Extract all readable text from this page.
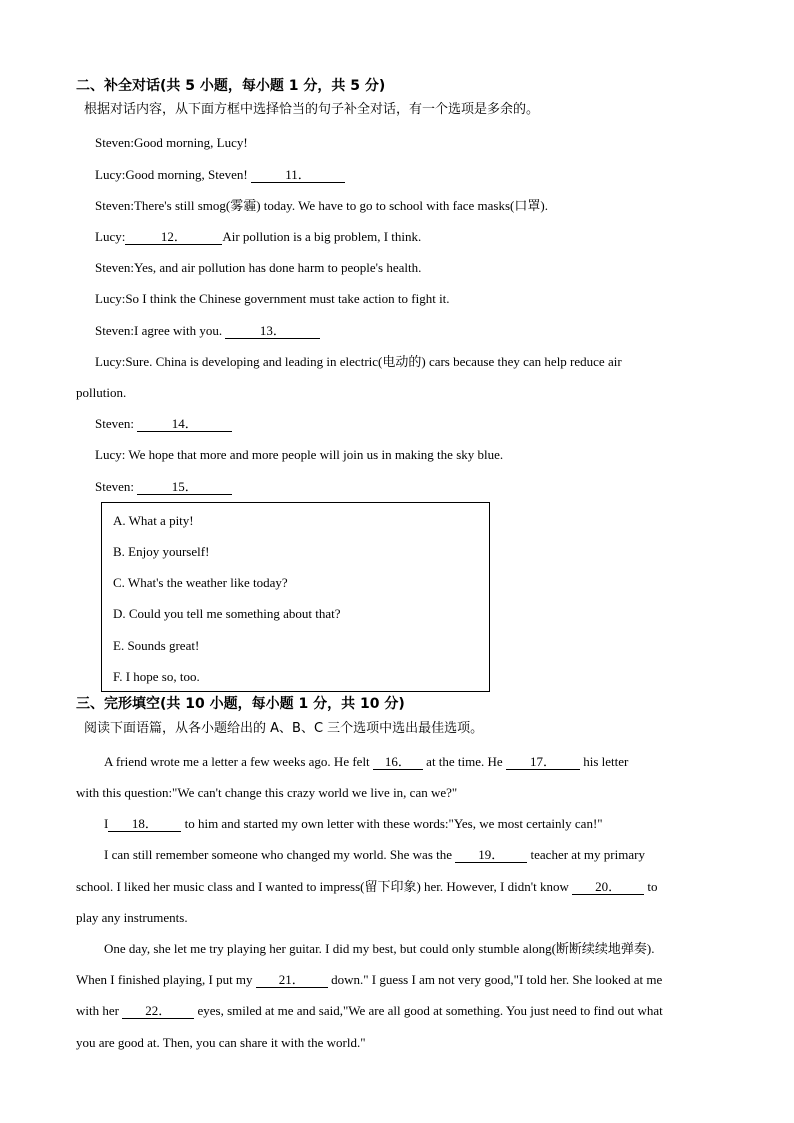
二、补全对话(共 5 小题，每小题 1 分，共 5 分)
根据对话内容，从下面方框中选择恰当的句子补全对话，有一个选项是多余的。
Steven:Good morning, Lucy!
Lucy:Good morning, Steven!	11．
Steven:There's still smog(雾霾) today. We have to go to school with face masks(口罩).
Lucy:	12．	Air pollution is a big problem, I think.
Steven:Yes, and air pollution has done harm to people's health.
Lucy:So I think the Chinese government must take action to fight it.
Steven:I agree with you.	13．
Lucy:Sure. China is developing and leading in electric(电动的) cars because they can help reduce air
pollution.
Steven:	14．
Lucy: We hope that more and more people will join us in making the sky blue.
Steven:	15．
A. What a pity!
B. Enjoy yourself!
C. What's the weather like today?
D. Could you tell me something about that?
E. Sounds great!
F. I hope so, too.
三、完形填空(共 10 小题，每小题 1 分，共 10 分)
阅读下面语篇，从各小题给出的 A、B、C 三个选项中选出最佳选项。
A friend wrote me a letter a few weeks ago. He felt 16． at the time. He 17． his letter
with this question:"We can't change this crazy world we live in, can we?"
I 18． to him and started my own letter with these words:"Yes, we most certainly can!"
I can still remember someone who changed my world. She was the 19． teacher at my primary
school. I liked her music class and I wanted to impress(留下印象) her. However, I didn't know 20． to
play any instruments.
One day, she let me try playing her guitar. I did my best, but could only stumble along(断断续续地弹奏).
When I finished playing, I put my 21． down." I guess I am not very good,"I told her. She looked at me
with her 22． eyes, smiled at me and said,"We are all good at something. You just need to find out what
you are good at. Then, you can share it with the world."
